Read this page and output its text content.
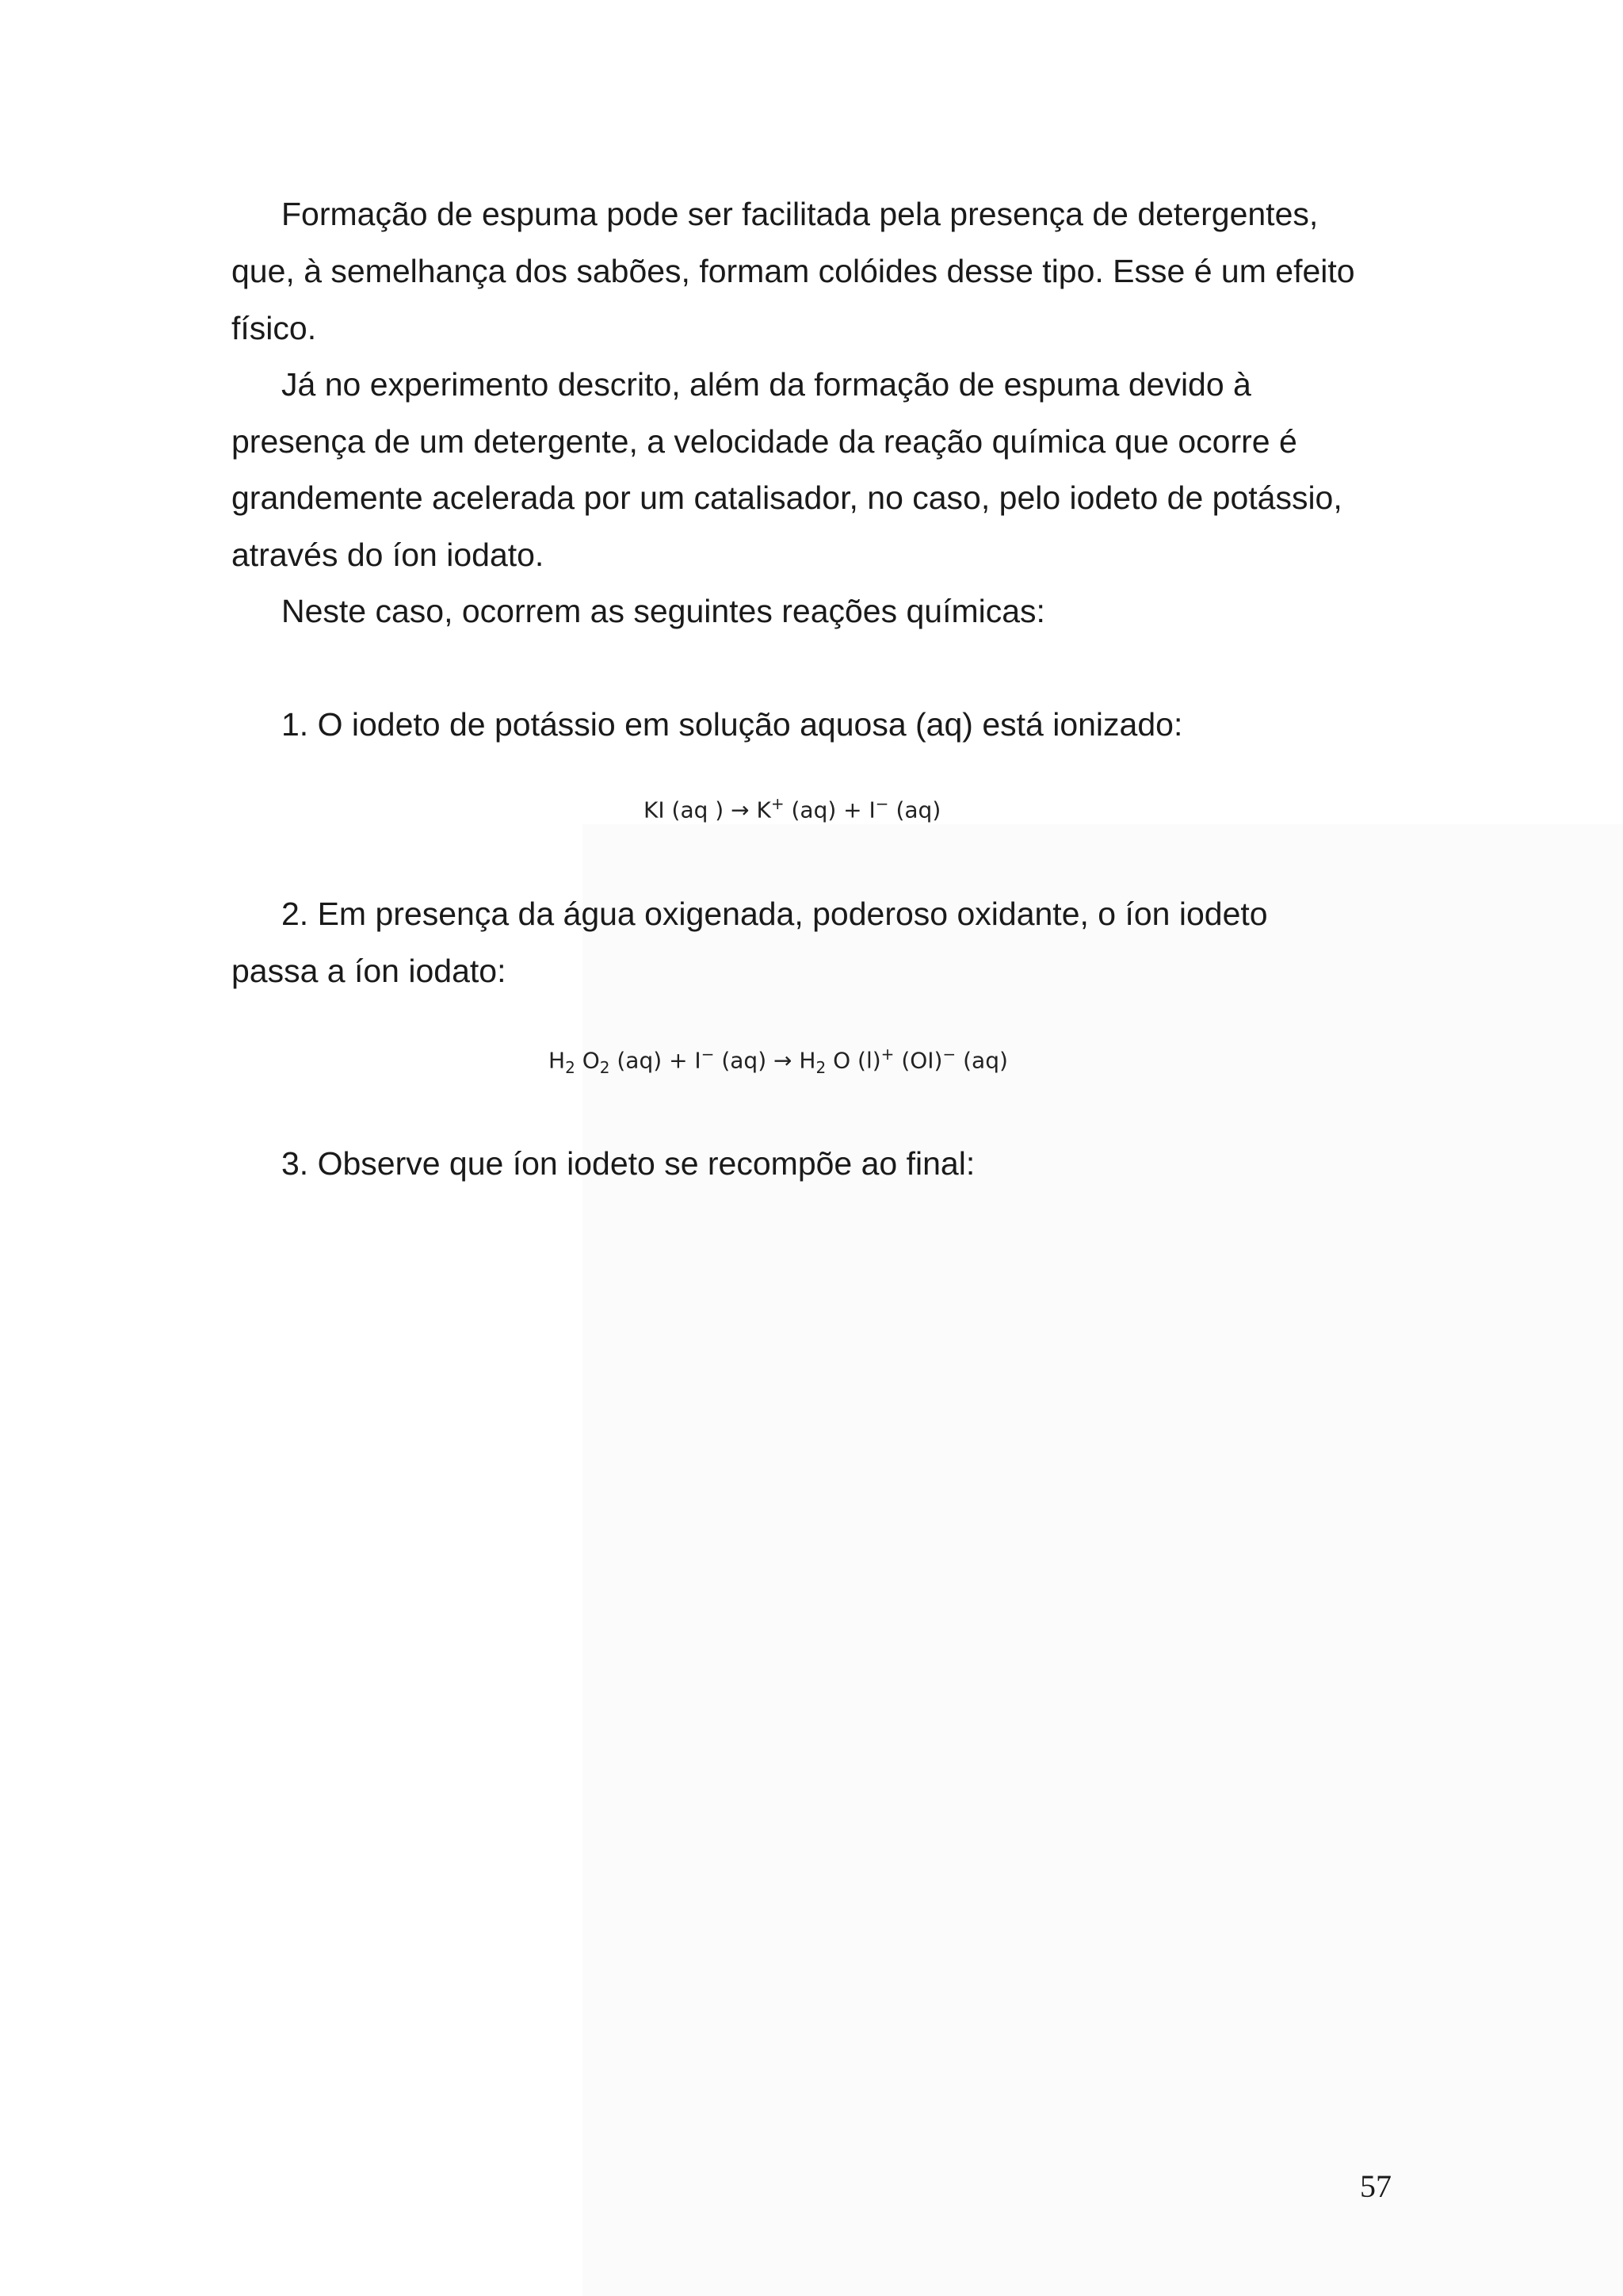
Formação de espuma pode ser facilitada pela presença de detergentes,
que, à semelhança dos sabões, formam colóides desse tipo. Esse é um efeito
físico.
Já no experimento descrito, além da formação de espuma devido à
presença de um detergente, a velocidade da reação química que ocorre é
grandemente acelerada por um catalisador, no caso, pelo iodeto de potássio,
através do íon iodato.
Neste caso, ocorrem as seguintes reações químicas:
1. O iodeto de potássio em solução aquosa (aq) está ionizado:
KI (aq ) → K+ (aq) + I− (aq)
2. Em presença da água oxigenada, poderoso oxidante, o íon iodeto
passa a íon iodato:
$H_2$ $O_2$ (aq) + I− $(aq) \to H_2$ O (l)+ (OI)− (aq)
3. Observe que íon iodeto se recompõe ao final:
57
